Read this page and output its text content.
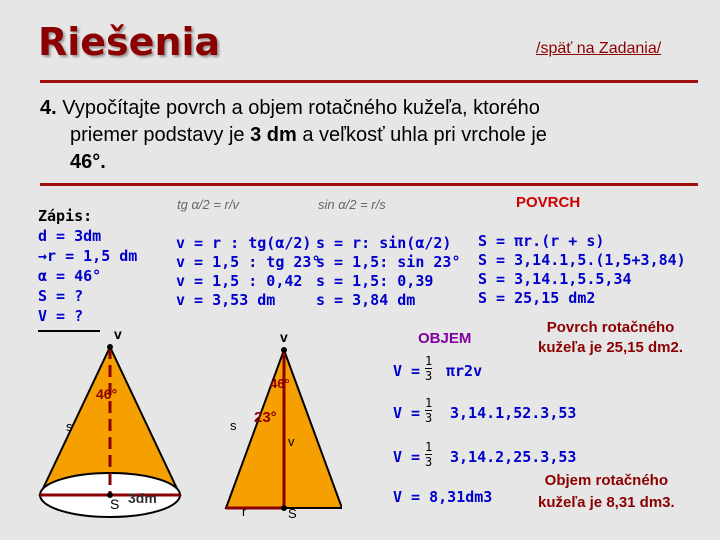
Riešenia	/späť na Zadania/
4. Vypočítajte povrch a objem rotačného kužeľa, ktorého
priemer podstavy je 3 dm a veľkosť uhla pri vrchole je
46°.
Zápis:
d = 3dm
→r = 1,5 dm
α = 46°
S = ?
V = ?
tg α/2 = r/v	sin α/2 = r/s
v = r : tg(α/2)
v = 1,5 : tg 23°
v = 1,5 : 0,42
v = 3,53 dm
s = r: sin(α/2)
s = 1,5: sin 23°
s = 1,5: 0,39
s = 3,84 dm
POVRCH
S = πr.(r + s)
S = 3,14.1,5.(1,5+3,84)
S = 3,14.1,5.5,34
S = 25,15 dm2
Povrch rotačného
kužeľa je 25,15 dm2.
OBJEM
V =
1
3 πr2v
V =
1
3 3,14.1,52.3,53
V =
1
3 3,14.2,25.3,53
V = 8,31dm3
Objem rotačného
kužeľa je 8,31 dm3.
v
s
46°
S 3dm
v
46°
23°
s
v
r	S
